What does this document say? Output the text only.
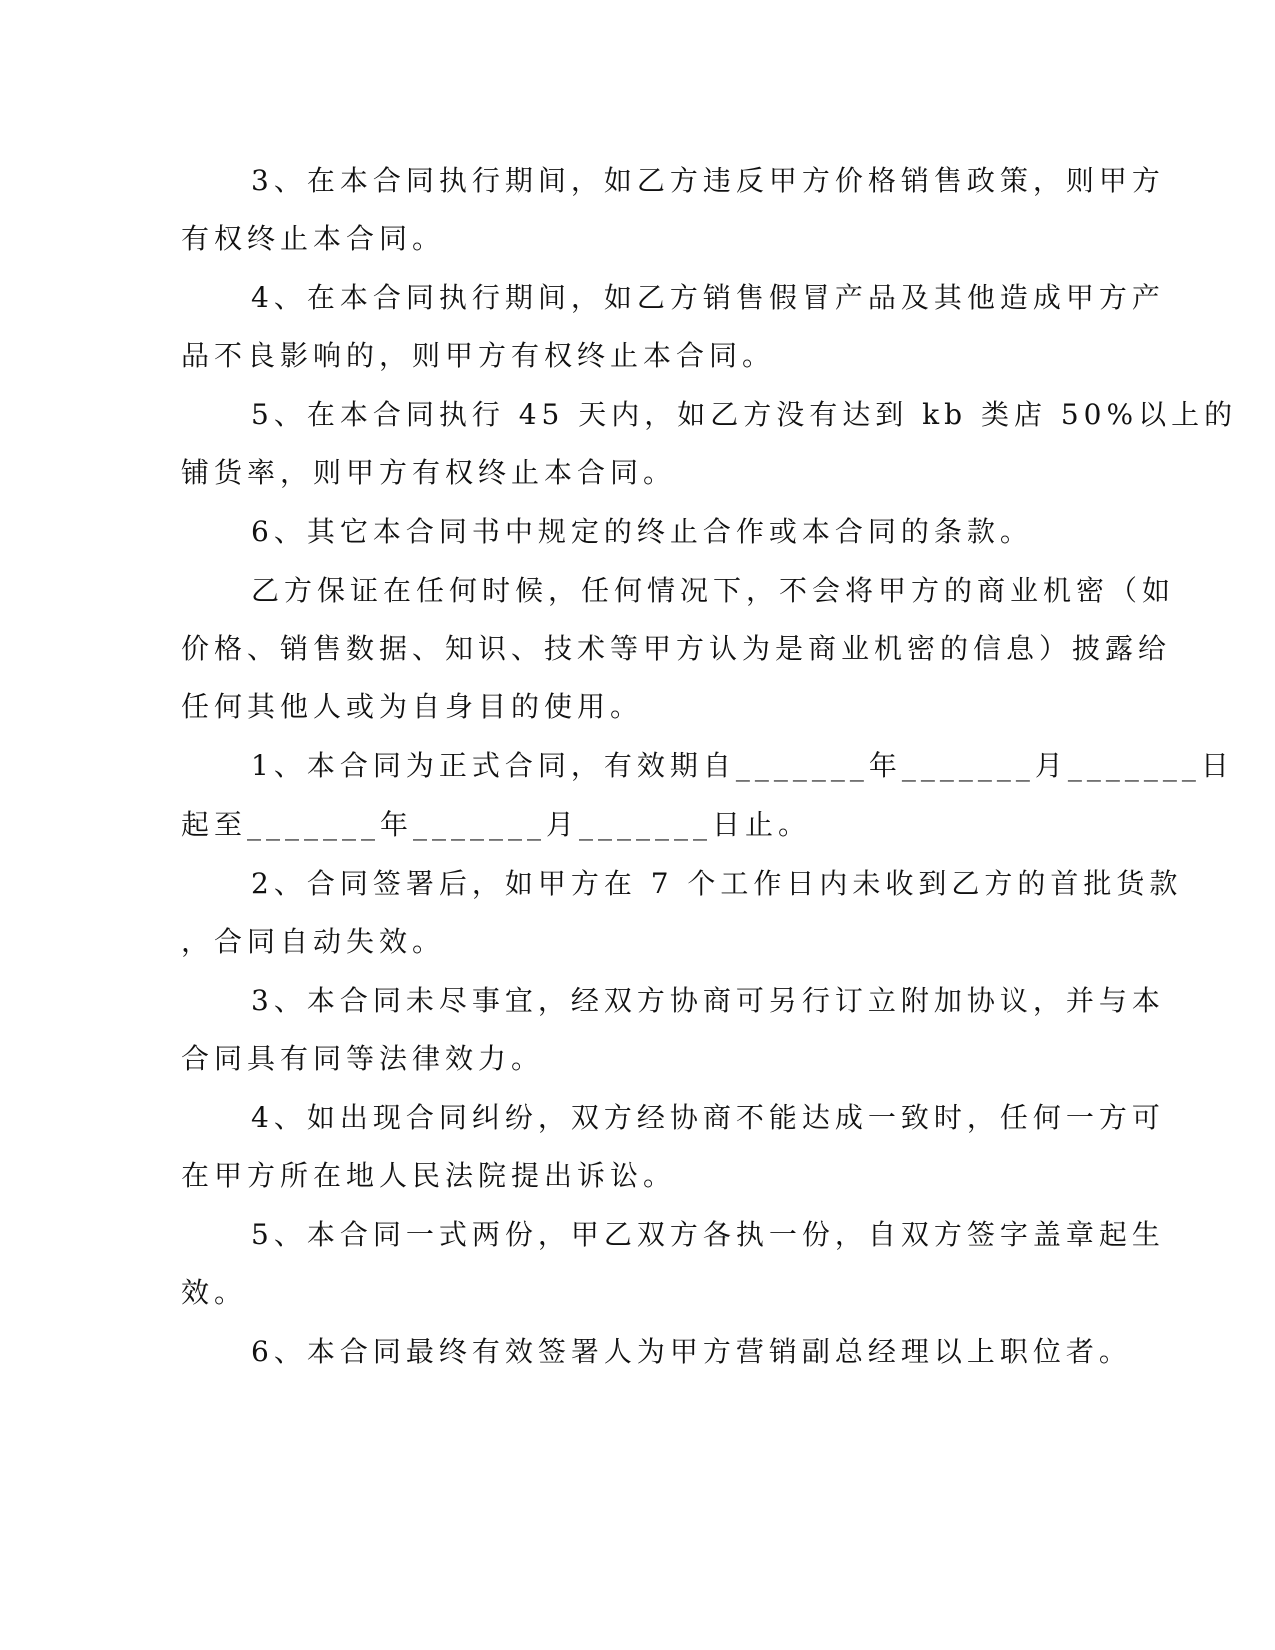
3、在本合同执行期间，如乙方违反甲方价格销售政策，则甲方

有权终止本合同。

4、在本合同执行期间，如乙方销售假冒产品及其他造成甲方产

品不良影响的，则甲方有权终止本合同。

5、在本合同执行 45 天内，如乙方没有达到 kb 类店 50%以上的

铺货率，则甲方有权终止本合同。

6、其它本合同书中规定的终止合作或本合同的条款。

乙方保证在任何时候，任何情况下，不会将甲方的商业机密（如

价格、销售数据、知识、技术等甲方认为是商业机密的信息）披露给

任何其他人或为自身目的使用。

1、本合同为正式合同，有效期自_______年_______月_______日

起至_______年_______月_______日止。

2、合同签署后，如甲方在 7 个工作日内未收到乙方的首批货款

，合同自动失效。

3、本合同未尽事宜，经双方协商可另行订立附加协议，并与本

合同具有同等法律效力。

4、如出现合同纠纷，双方经协商不能达成一致时，任何一方可

在甲方所在地人民法院提出诉讼。

5、本合同一式两份，甲乙双方各执一份，自双方签字盖章起生

效。

6、本合同最终有效签署人为甲方营销副总经理以上职位者。
